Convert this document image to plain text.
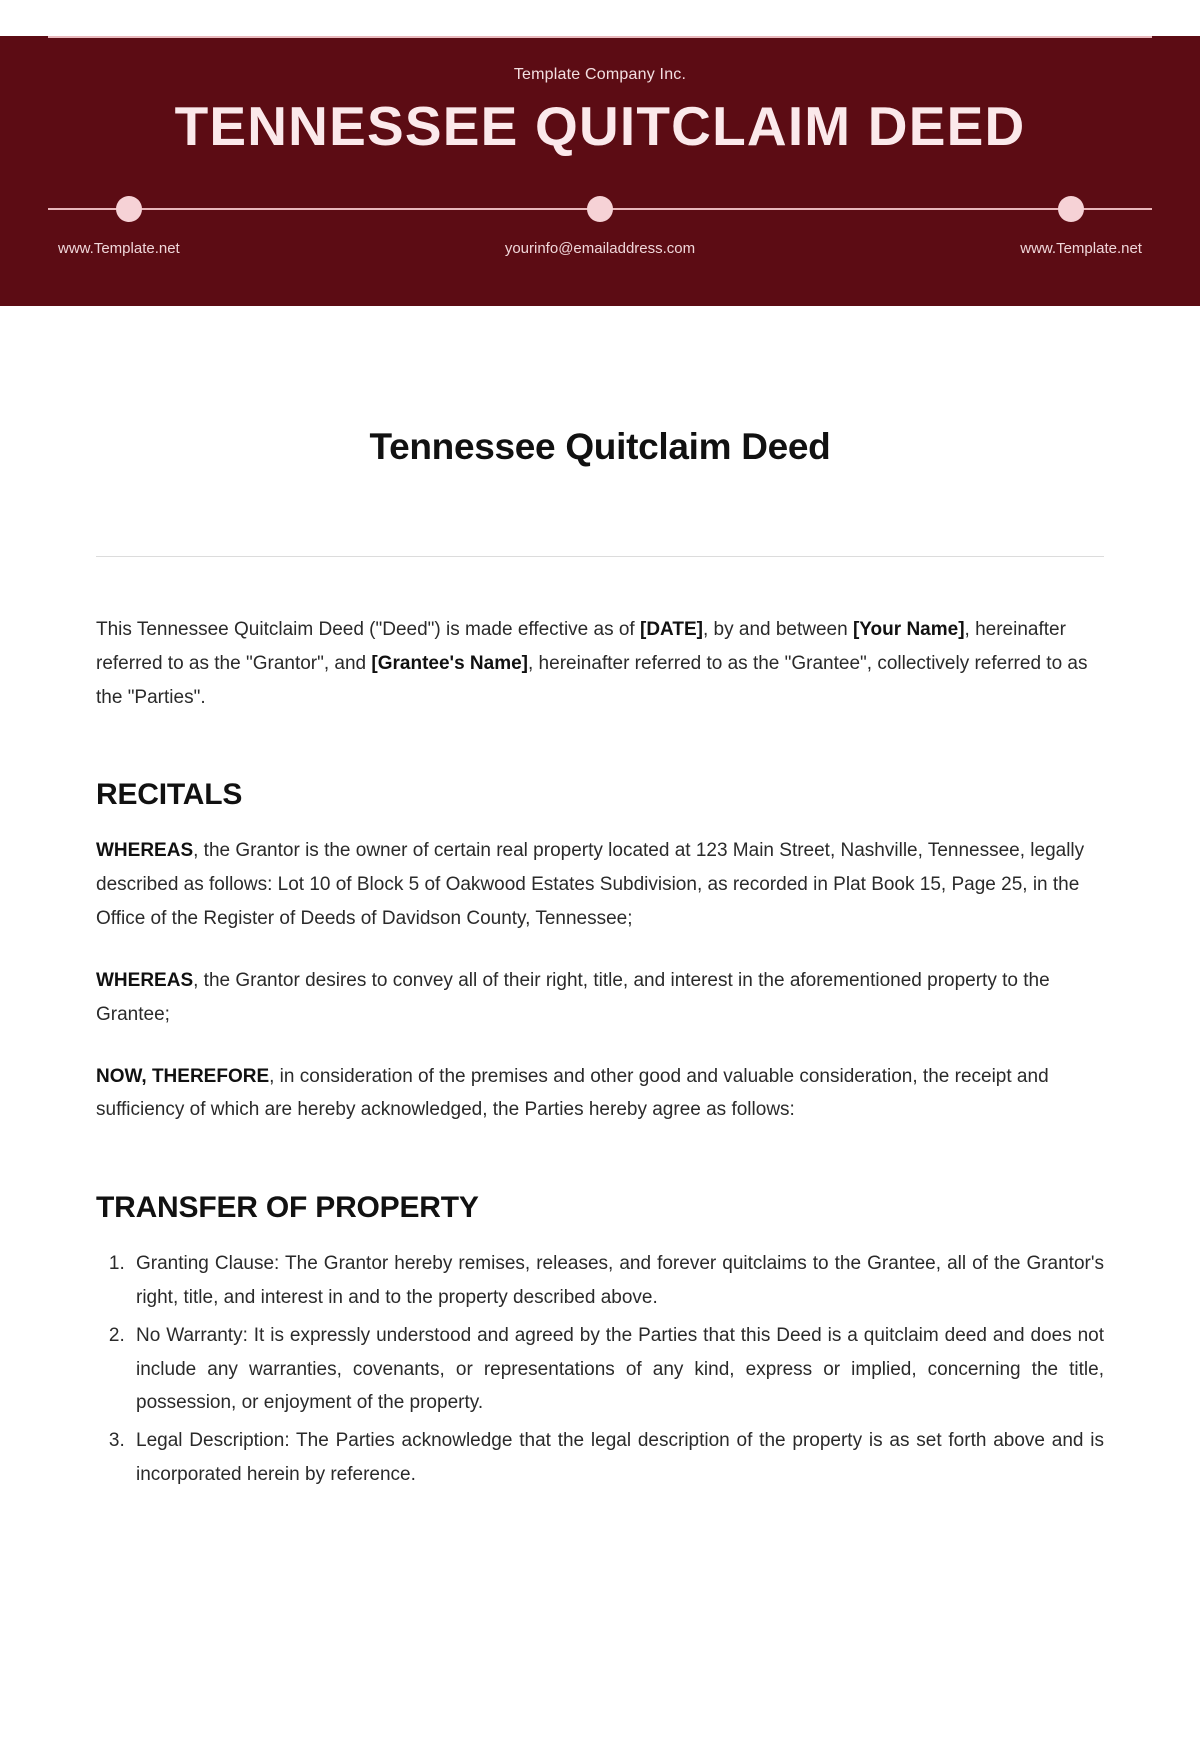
Template Company Inc.
TENNESSEE QUITCLAIM DEED
www.Template.net	yourinfo@emailaddress.com	www.Template.net
Tennessee Quitclaim Deed

This Tennessee Quitclaim Deed ("Deed") is made effective as of [DATE], by and between [Your Name], hereinafter referred to as the "Grantor", and [Grantee's Name], hereinafter referred to as the "Grantee", collectively referred to as the "Parties".

RECITALS

WHEREAS, the Grantor is the owner of certain real property located at 123 Main Street, Nashville, Tennessee, legally described as follows: Lot 10 of Block 5 of Oakwood Estates Subdivision, as recorded in Plat Book 15, Page 25, in the Office of the Register of Deeds of Davidson County, Tennessee;

WHEREAS, the Grantor desires to convey all of their right, title, and interest in the aforementioned property to the Grantee;

NOW, THEREFORE, in consideration of the premises and other good and valuable consideration, the receipt and sufficiency of which are hereby acknowledged, the Parties hereby agree as follows:

TRANSFER OF PROPERTY
1. Granting Clause: The Grantor hereby remises, releases, and forever quitclaims to the Grantee, all of the Grantor's right, title, and interest in and to the property described above.
2. No Warranty: It is expressly understood and agreed by the Parties that this Deed is a quitclaim deed and does not include any warranties, covenants, or representations of any kind, express or implied, concerning the title, possession, or enjoyment of the property.
3. Legal Description: The Parties acknowledge that the legal description of the property is as set forth above and is incorporated herein by reference.
